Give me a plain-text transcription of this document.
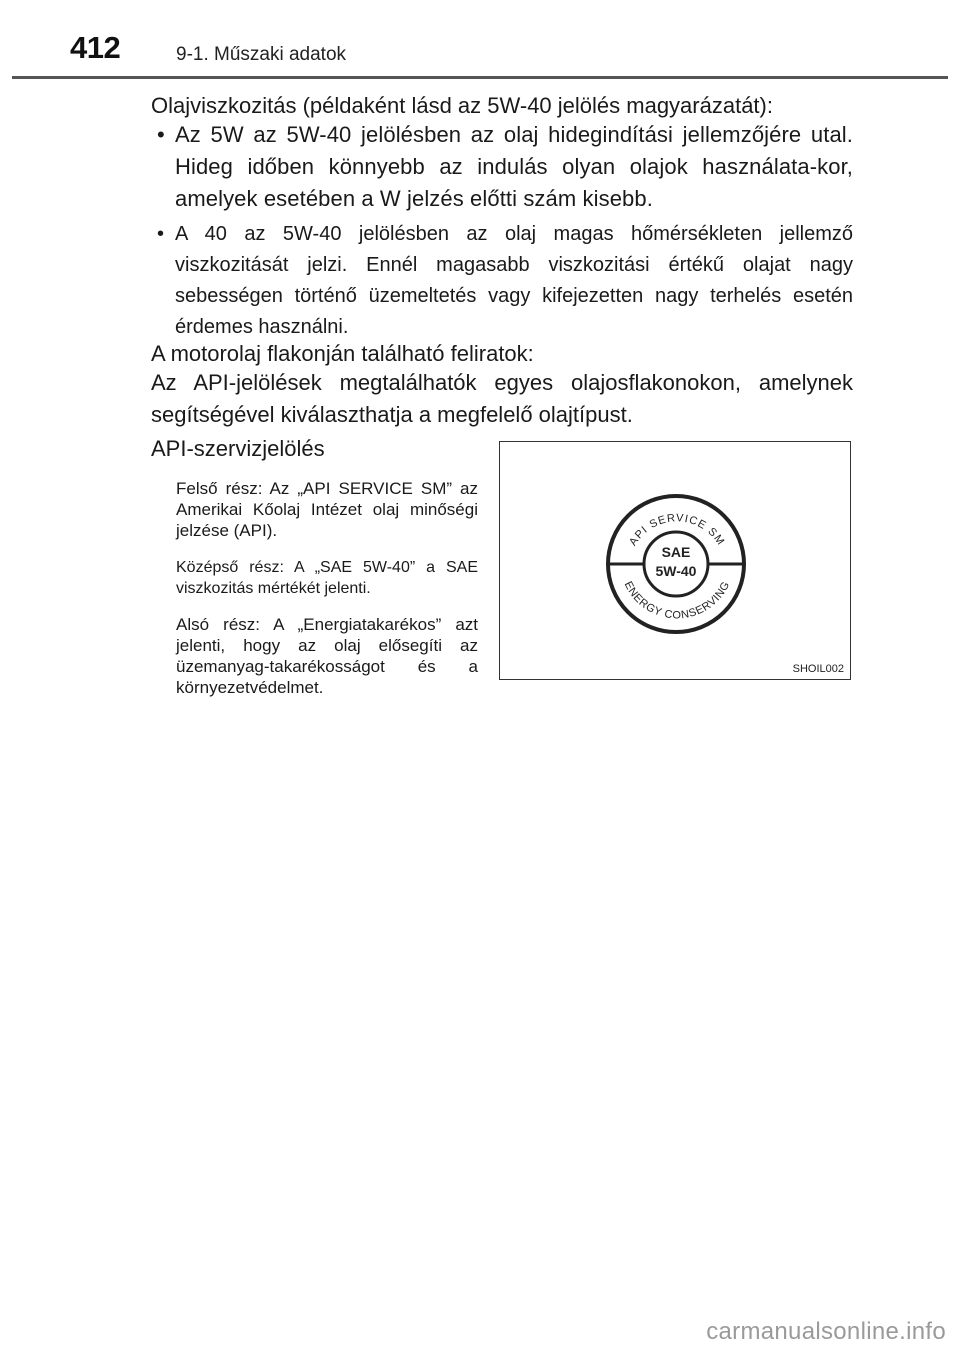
412	9-1. Műszaki adatok
Olajviszkozitás (példaként lásd az 5W-40 jelölés magyarázatát):
• Az 5W az 5W-40 jelölésben az olaj hidegindítási jellemzőjére utal. Hideg időben könnyebb az indulás olyan olajok használata-kor, amelyek esetében a W jelzés előtti szám kisebb.
• A 40 az 5W-40 jelölésben az olaj magas hőmérsékleten jellemző viszkozitását jelzi. Ennél magasabb viszkozitási értékű olajat nagy sebességen történő üzemeltetés vagy kifejezetten nagy terhelés esetén érdemes használni.
A motorolaj flakonján található feliratok:
Az API-jelölések megtalálhatók egyes olajosflakonokon, amelynek segítségével kiválaszthatja a megfelelő olajtípust.
API-szervizjelölés
Felső rész: Az „API SERVICE SM” az Amerikai Kőolaj Intézet olaj minőségi jelzése (API).
Középső rész: A „SAE 5W-40” a SAE viszkozitás mértékét jelenti.
Alsó rész: A „Energiatakarékos” azt jelenti, hogy az olaj elősegíti az üzemanyag-takarékosságot és a környezetvédelmet.
API SERVICE SM
ENERGY CONSERVING
SAE
5W-40
SHOIL002
carmanualsonline.info
